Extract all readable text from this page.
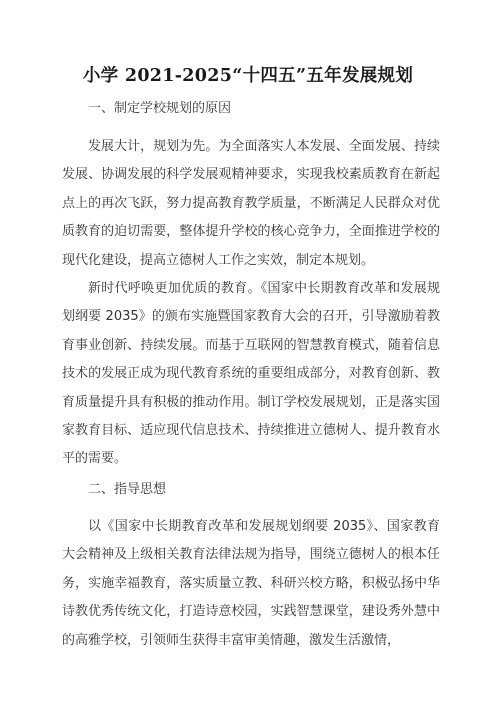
小学 2021-2025“十四五”五年发展规划
一、制定学校规划的原因

发展大计，规划为先。为全面落实人本发展、全面发展、持续发展、协调发展的科学发展观精神要求，实现我校素质教育在新起点上的再次飞跃，努力提高教育教学质量，不断满足人民群众对优质教育的迫切需要，整体提升学校的核心竞争力，全面推进学校的现代化建设，提高立德树人工作之实效，制定本规划。

新时代呼唤更加优质的教育。《国家中长期教育改革和发展规划纲要 2035》的颁布实施暨国家教育大会的召开，引导激励着教育事业创新、持续发展。而基于互联网的智慧教育模式，随着信息技术的发展正成为现代教育系统的重要组成部分，对教育创新、教育质量提升具有积极的推动作用。制订学校发展规划，正是落实国家教育目标、适应现代信息技术、持续推进立德树人、提升教育水平的需要。

二、指导思想

以《国家中长期教育改革和发展规划纲要 2035》、国家教育大会精神及上级相关教育法律法规为指导，围绕立德树人的根本任务，实施幸福教育，落实质量立教、科研兴校方略，积极弘扬中华诗教优秀传统文化，打造诗意校园，实践智慧课堂，建设秀外慧中的高雅学校，引领师生获得丰富审美情趣，激发生活激情，
